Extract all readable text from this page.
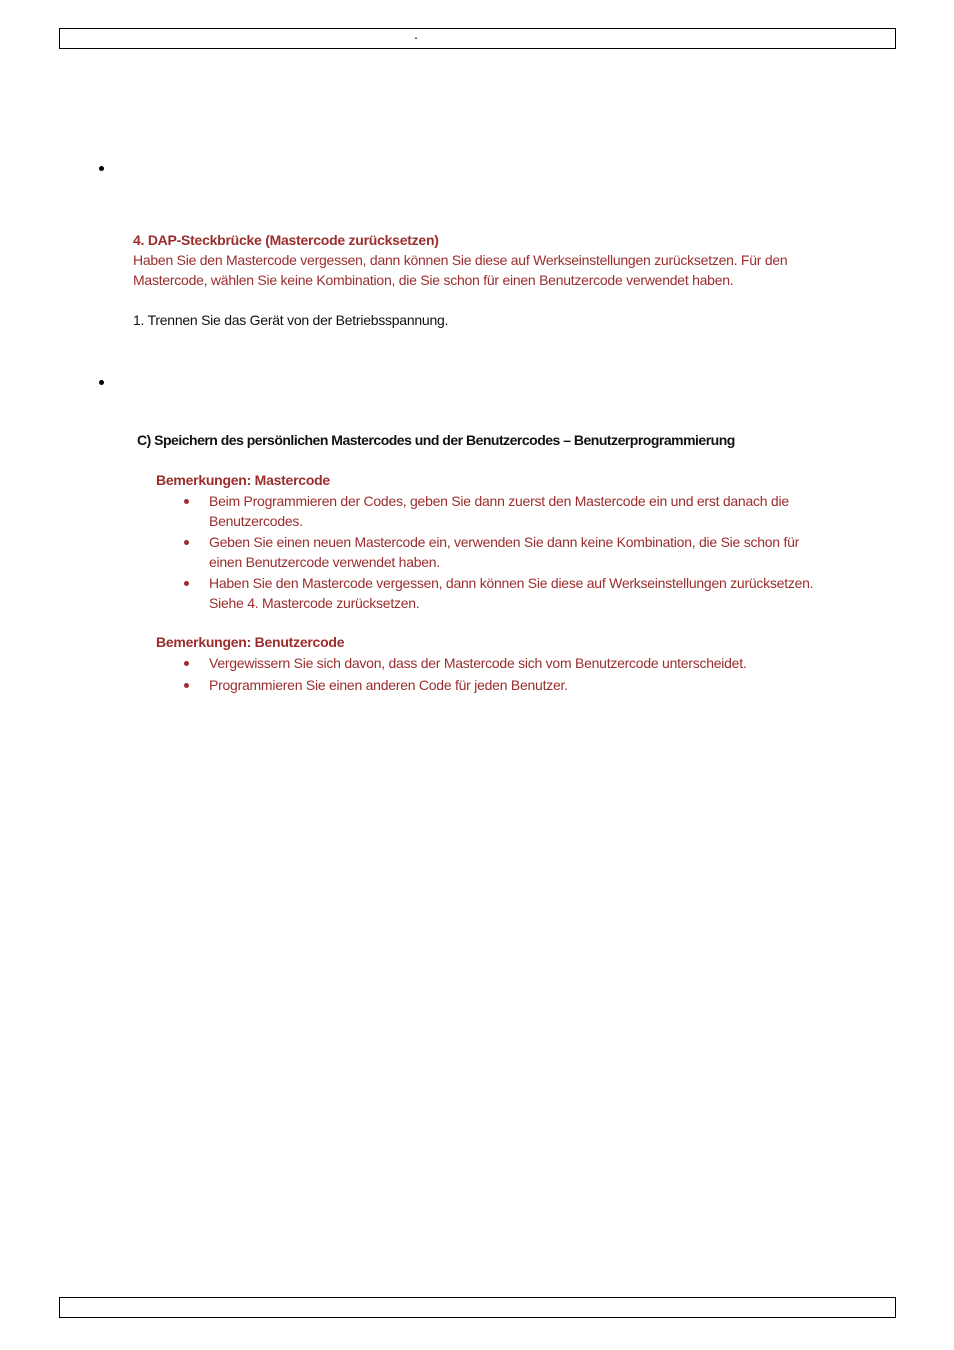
.
4. DAP-Steckbrücke (Mastercode zurücksetzen)
Haben Sie den Mastercode vergessen, dann können Sie diese auf Werkseinstellungen zurücksetzen. Für den
Mastercode, wählen Sie keine Kombination, die Sie schon für einen Benutzercode verwendet haben.
1. Trennen Sie das Gerät von der Betriebsspannung.
C) Speichern des persönlichen Mastercodes und der Benutzercodes – Benutzerprogrammierung
Bemerkungen: Mastercode
Beim Programmieren der Codes, geben Sie dann zuerst den Mastercode ein und erst danach die
Benutzercodes.
Geben Sie einen neuen Mastercode ein, verwenden Sie dann keine Kombination, die Sie schon für
einen Benutzercode verwendet haben.
Haben Sie den Mastercode vergessen, dann können Sie diese auf Werkseinstellungen zurücksetzen.
Siehe 4. Mastercode zurücksetzen.
Bemerkungen: Benutzercode
Vergewissern Sie sich davon, dass der Mastercode sich vom Benutzercode unterscheidet.
Programmieren Sie einen anderen Code für jeden Benutzer.
